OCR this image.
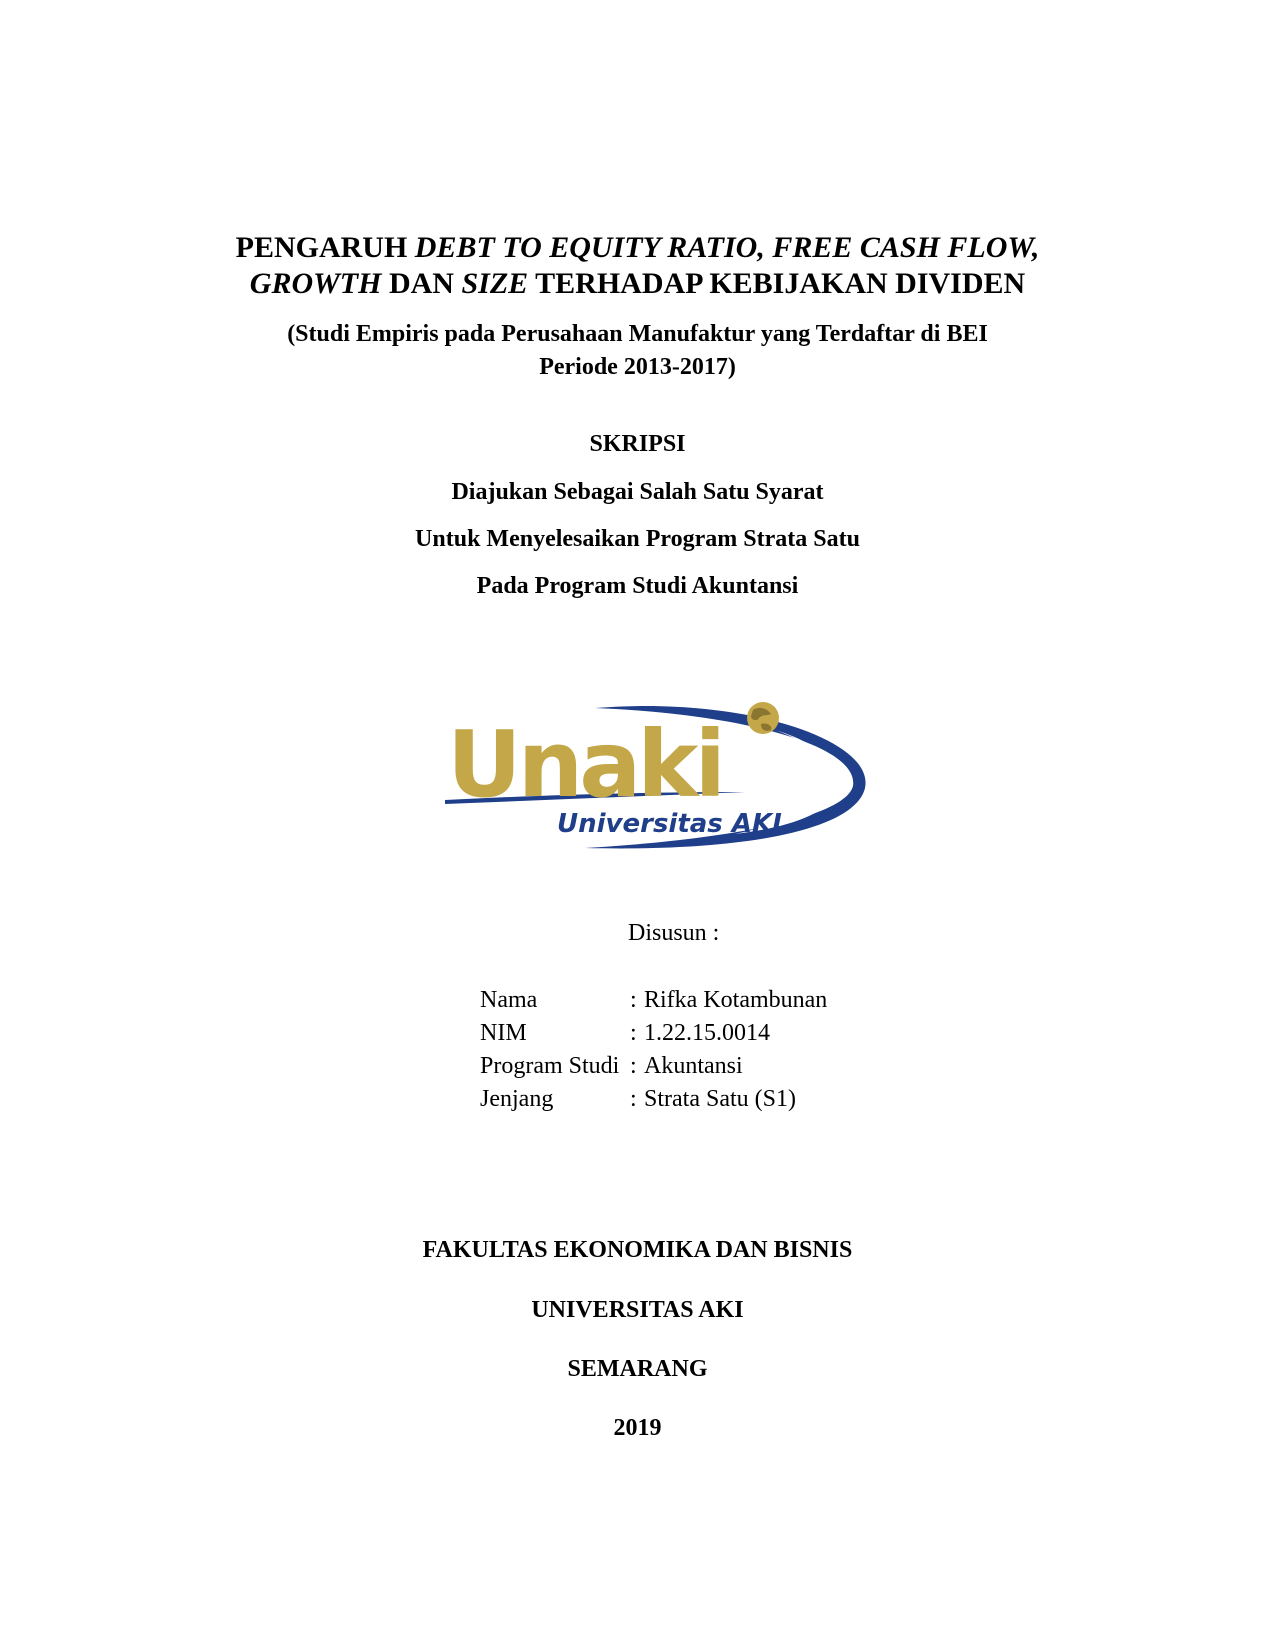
PENGARUH DEBT TO EQUITY RATIO, FREE CASH FLOW,
GROWTH DAN SIZE TERHADAP KEBIJAKAN DIVIDEN
(Studi Empiris pada Perusahaan Manufaktur yang Terdaftar di BEI
Periode 2013-2017)
SKRIPSI
Diajukan Sebagai Salah Satu Syarat
Untuk Menyelesaikan Program Strata Satu
Pada Program Studi Akuntansi
Unaki
Universitas AKI
Disusun :
Nama	: Rifka Kotambunan
NIM	: 1.22.15.0014
Program Studi : Akuntansi
Jenjang	: Strata Satu (S1)
FAKULTAS EKONOMIKA DAN BISNIS
UNIVERSITAS AKI
SEMARANG
2019
